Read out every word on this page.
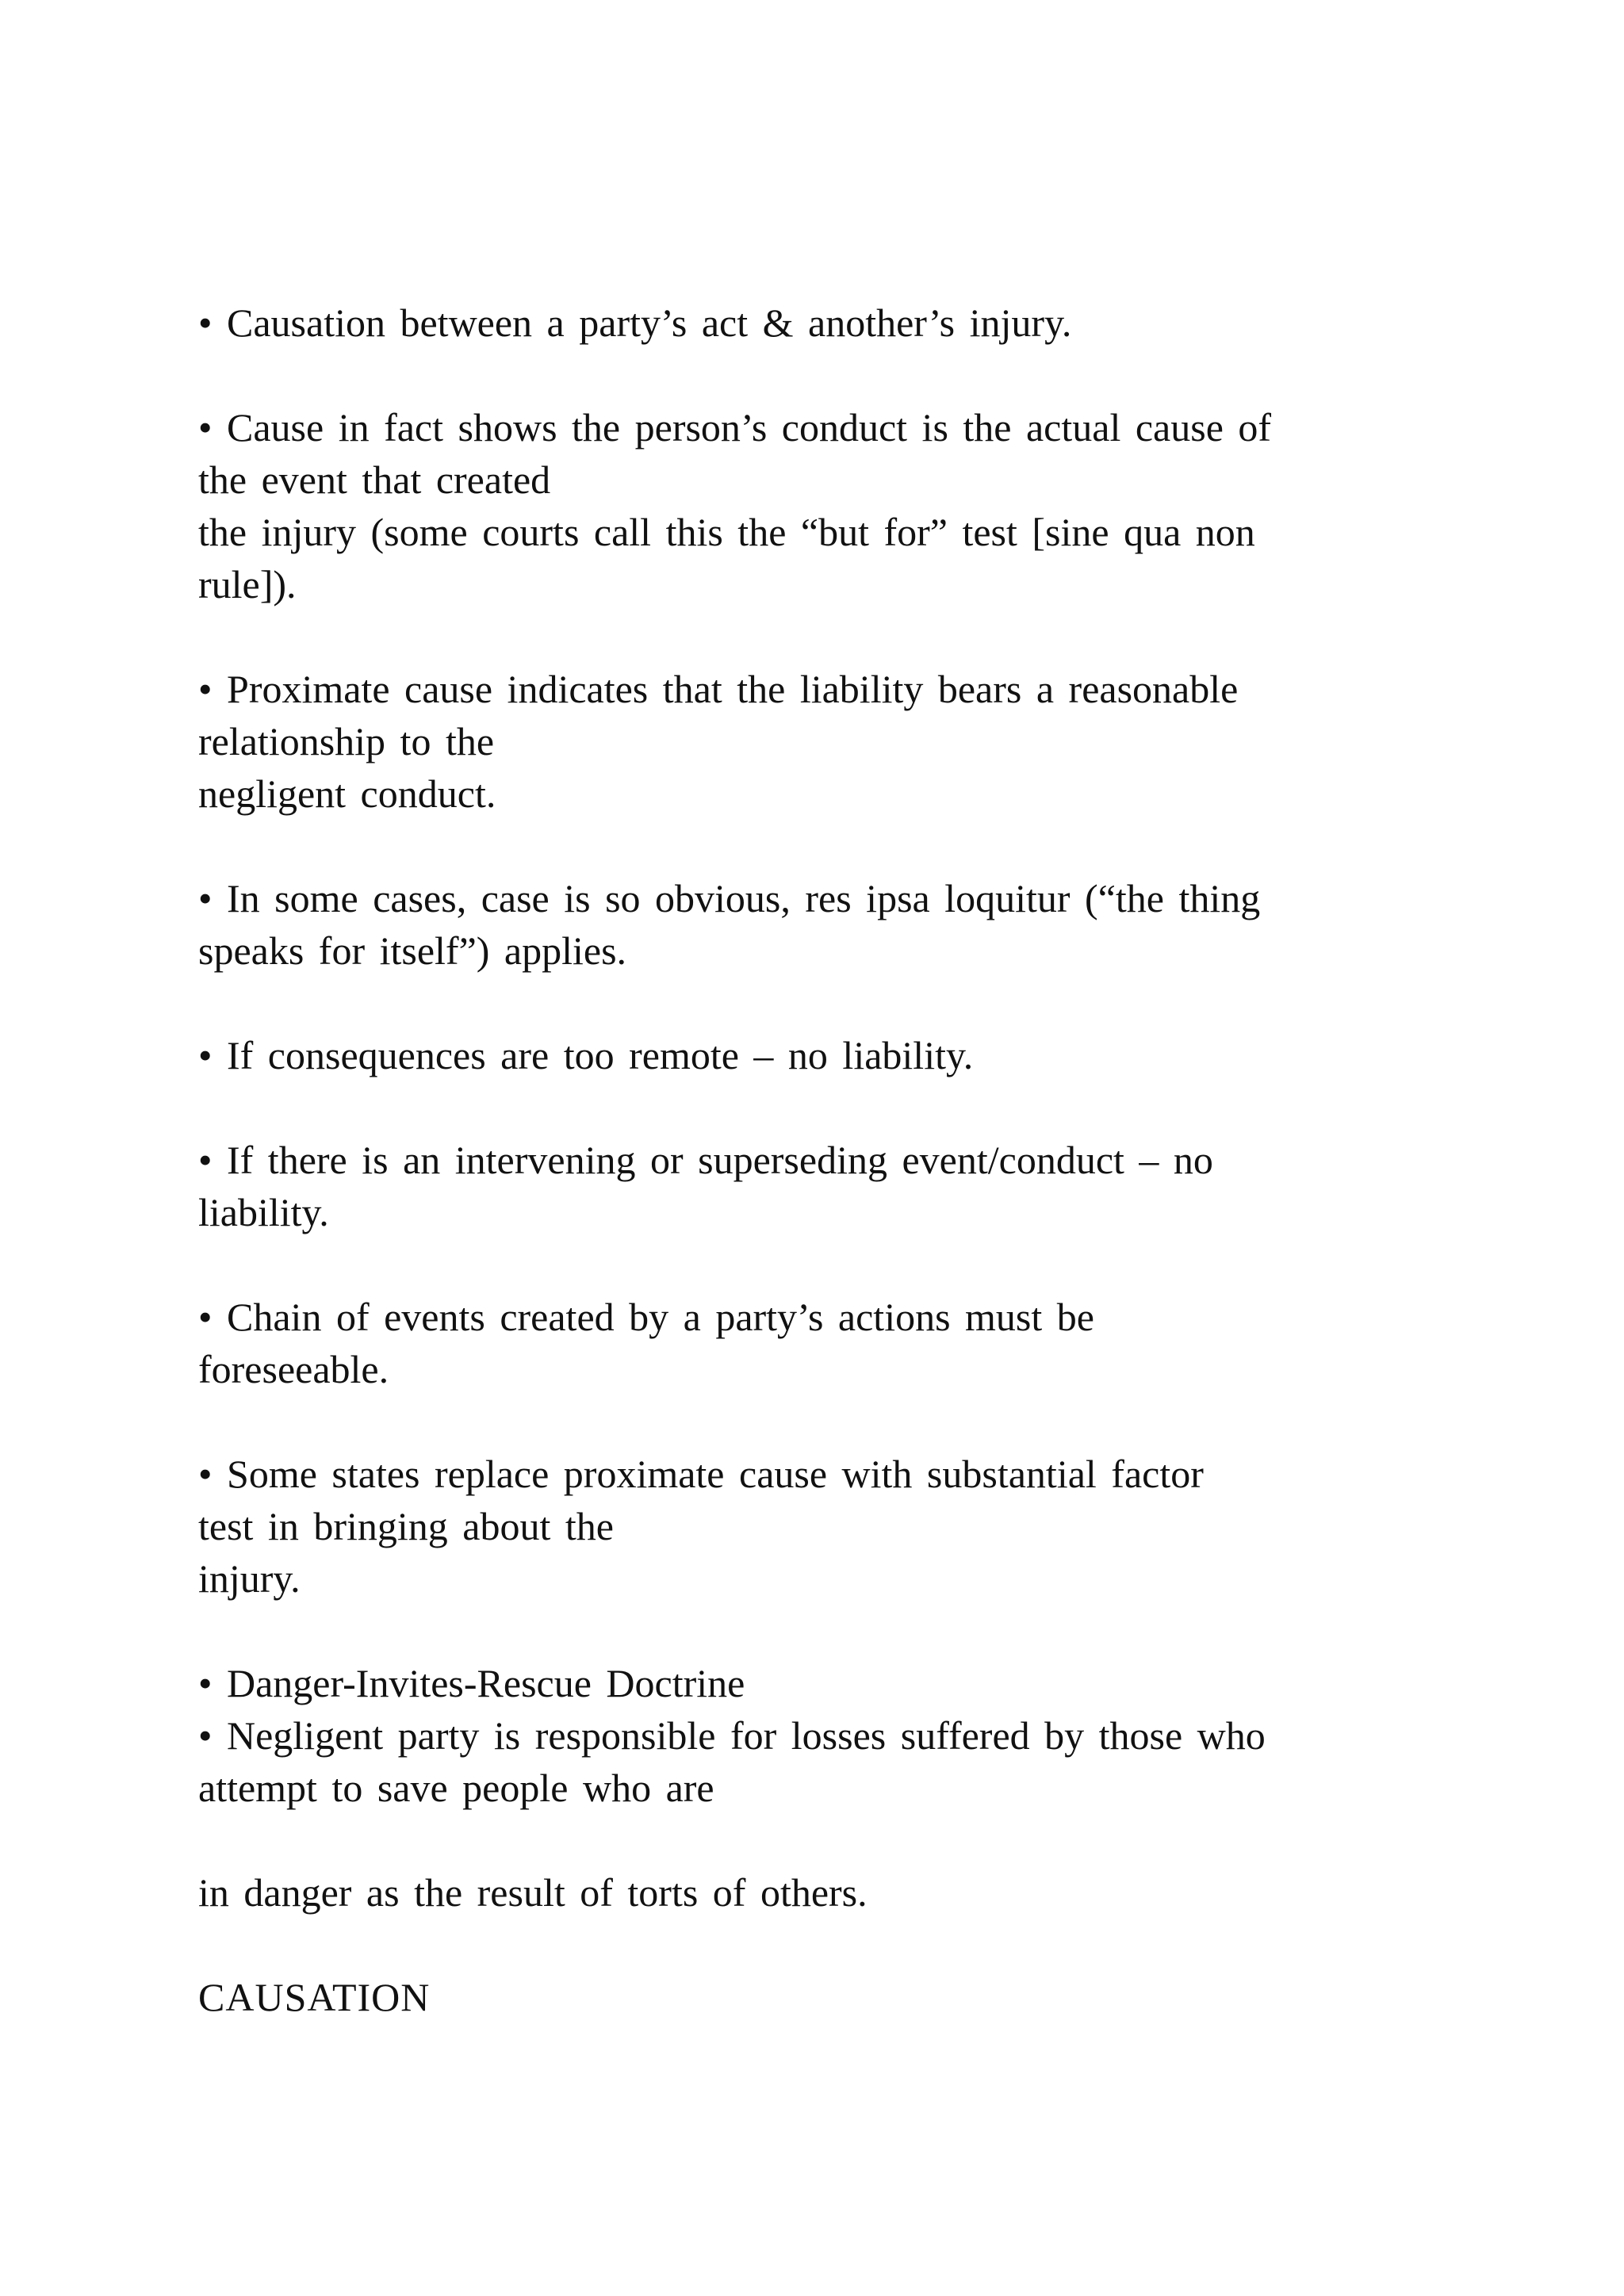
• Causation between a party’s act & another’s injury.

• Cause in fact shows the person’s conduct is the actual cause of
the event that created
the injury (some courts call this the “but for” test [sine qua non
rule]).

• Proximate cause indicates that the liability bears a reasonable
relationship to the
negligent conduct.

• In some cases, case is so obvious, res ipsa loquitur (“the thing
speaks for itself”) applies.

• If consequences are too remote – no liability.

• If there is an intervening or superseding event/conduct – no
liability.

• Chain of events created by a party’s actions must be
foreseeable.

• Some states replace proximate cause with substantial factor
test in bringing about the
injury.

• Danger-Invites-Rescue Doctrine
• Negligent party is responsible for losses suffered by those who
attempt to save people who are

in danger as the result of torts of others.

CAUSATION
